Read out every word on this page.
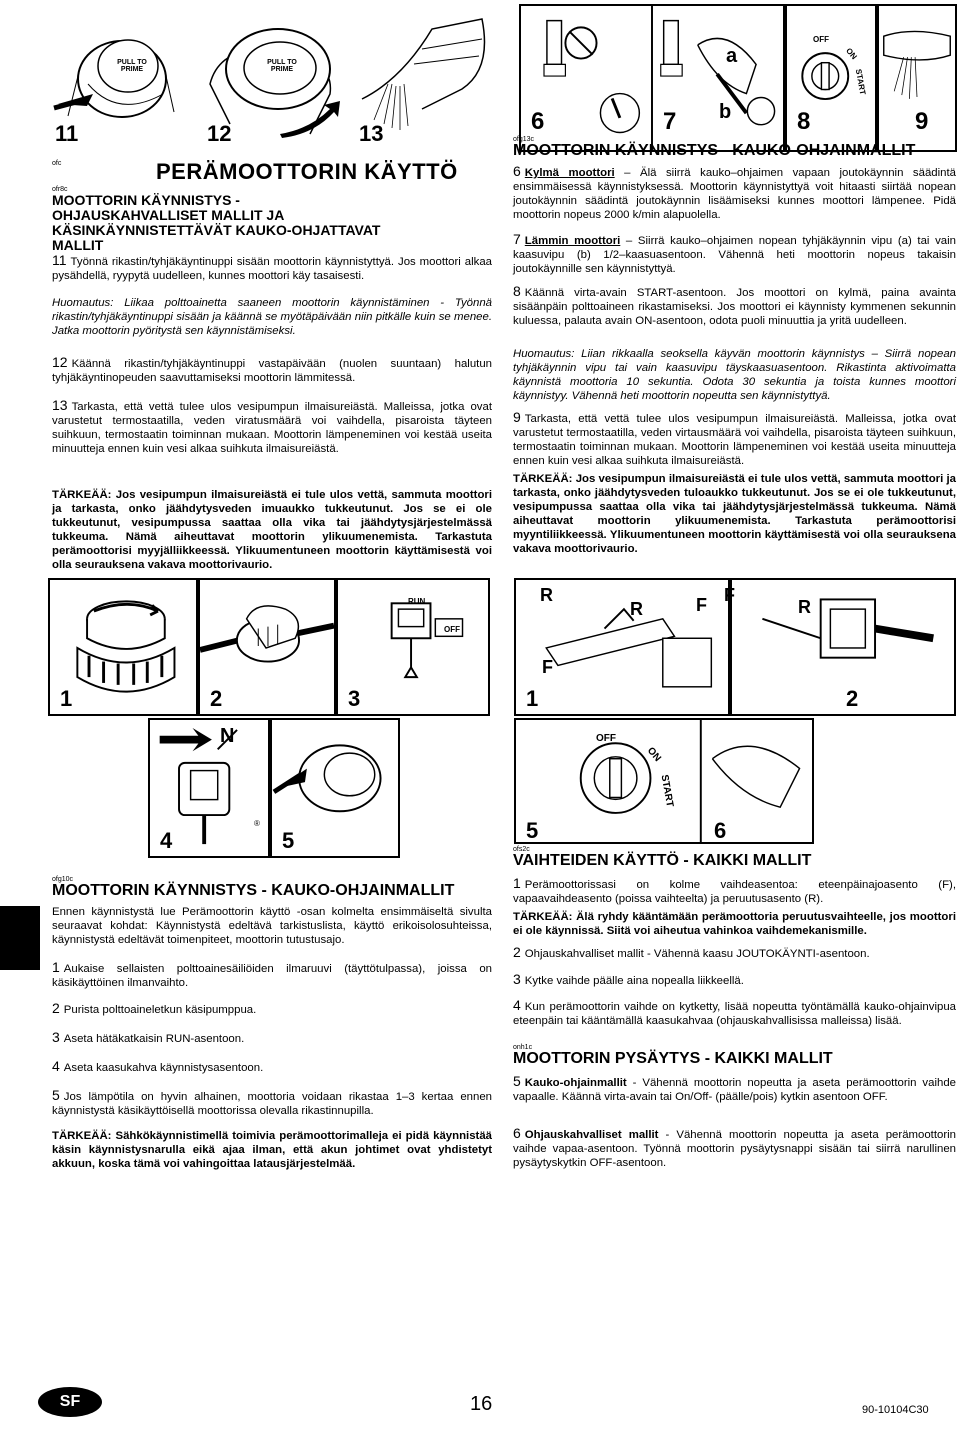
PULL TO PRIME
PULL TO PRIME
11	12	13
a
b
6	7
OFF
ON
START
8	9
ofc	PERÄMOOTTORIN KÄYTTÖ
ofr8c
MOOTTORIN KÄYNNISTYS - OHJAUSKAHVALLISET MALLIT JA KÄSINKÄYNNISTETTÄVÄT KAUKO-OHJATTAVAT MALLIT
11 Työnnä rikastin/tyhjäkäyntinuppi sisään moottorin käynnistyttyä. Jos moottori alkaa pysähdellä, ryypytä uudelleen, kunnes moottori käy tasaisesti.
Huomautus: Liikaa polttoainetta saaneen moottorin käynnistäminen - Työnnä rikastin/tyhjäkäyntinuppi sisään ja käännä se myötäpäivään niin pitkälle kuin se menee. Jatka moottorin pyöritystä sen käynnistämiseksi.
12 Käännä rikastin/tyhjäkäyntinuppi vastapäivään (nuolen suuntaan) halutun tyhjäkäyntinopeuden saavuttamiseksi moottorin lämmitessä.
13 Tarkasta, että vettä tulee ulos vesipumpun ilmaisureiästä. Malleissa, jotka ovat varustetut termostaatilla, veden viratusmäärä voi vaihdella, pisaroista täyteen suihkuun, termostaatin toiminnan mukaan. Moottorin lämpeneminen voi kestää useita minuutteja ennen kuin vesi alkaa suihkuta ilmaisureiästä.
TÄRKEÄÄ: Jos vesipumpun ilmaisureiästä ei tule ulos vettä, sammuta moottori ja tarkasta, onko jäähdytysveden imuaukko tukkeutunut. Jos se ei ole tukkeutunut, vesipumpussa saattaa olla vika tai jäähdytysjärjestelmässä tukkeuma. Nämä aiheuttavat moottorin ylikuumenemista. Tarkastuta perämoottorisi myyjälliikkeessä. Ylikuumentuneen moottorin käyttämisestä voi olla seurauksena vakava moottorivaurio.
ofg13c
MOOTTORIN KÄYNNISTYS - KAUKO-OHJAINMALLIT
6 Kylmä moottori – Älä siirrä kauko–ohjaimen vapaan joutokäynnin säädintä ensimmäisessä käynnistyksessä. Moottorin käynnistyttyä voit hitaasti siirtää nopean joutokäynnin säädintä joutokäynnin lisäämiseksi kunnes moottori lämpenee. Pidä moottorin nopeus 2000 k/min alapuolella.
7 Lämmin moottori – Siirrä kauko–ohjaimen nopean tyhjäkäynnin vipu (a) tai vain kaasuvipu (b) 1/2–kaasuasentoon. Vähennä heti moottorin nopeus takaisin joutokäynnille sen käynnistyttyä.
8 Käännä virta-avain START-asentoon. Jos moottori on kylmä, paina avainta sisäänpäin polttoaineen rikastamiseksi. Jos moottori ei käynnisty kymmenen sekunnin kuluessa, palauta avain ON-asentoon, odota puoli minuuttia ja yritä uudelleen.
Huomautus: Liian rikkaalla seoksella käyvän moottorin käynnistys – Siirrä nopean tyhjäkäynnin vipu tai vain kaasuvipu täyskaasuasentoon. Rikastinta aktivoimatta käynnistä moottoria 10 sekuntia. Odota 30 sekuntia ja toista kunnes moottori käynnistyy. Vähennä heti moottorin nopeutta sen käynnistyttyä.
9 Tarkasta, että vettä tulee ulos vesipumpun ilmaisureiästä. Malleissa, jotka ovat varustetut termostaatilla, veden virtausmäärä voi vaihdella, pisaroista täyteen suihkuun, termostaatin toiminnan mukaan. Moottorin lämpeneminen voi kestää useita minuutteja ennen kuin vesi alkaa suihkuta ilmaisureiästä.
TÄRKEÄÄ: Jos vesipumpun ilmaisureiästä ei tule ulos vettä, sammuta moottori ja tarkasta, onko jäähdytysveden tuloaukko tukkeutunut. Jos se ei ole tukkeutunut, vesipumpussa saattaa olla vika tai jäähdytysjärjestelmässä tukkeuma. Nämä aiheuttavat moottorin ylikuumenemista. Tarkastuta perämoottorisi myyntiliikkeessä. Ylikuumentuneen moottorin käyttämisestä voi olla seurauksena vakava moottorivaurio.
1	2
RUN
OFF
3
N
®
4	5
R
R	F
F
1
F
R
2
OFF
ON
START
5	6
ofg10c
MOOTTORIN KÄYNNISTYS - KAUKO-OHJAINMALLIT
Ennen käynnistystä lue Perämoottorin käyttö -osan kolmelta ensimmäiseltä sivulta seuraavat kohdat: Käynnistystä edeltävä tarkistuslista, käyttö erikoisolosuhteissa, käynnistystä edeltävät toimenpiteet, moottorin tutustusajo.
1 Aukaise sellaisten polttoainesäiliöiden ilmaruuvi (täyttötulpassa), joissa on käsikäyttöinen ilmanvaihto.
2 Purista polttoaineletkun käsipumppua.
3 Aseta hätäkatkaisin RUN-asentoon.
4 Aseta kaasukahva käynnistysasentoon.
5 Jos lämpötila on hyvin alhainen, moottoria voidaan rikastaa 1–3 kertaa ennen käynnistystä käsikäyttöisellä moottorissa olevalla rikastinnupilla.
TÄRKEÄÄ: Sähkökäynnistimellä toimivia perämoottorimalleja ei pidä käynnistää käsin käynnistysnarulla eikä ajaa ilman, että akun johtimet ovat yhdistetyt akkuun, koska tämä voi vahingoittaa latausjärjestelmää.
ofs2c
VAIHTEIDEN KÄYTTÖ - KAIKKI MALLIT
1 Perämoottorissasi on kolme vaihdeasentoa: eteenpäinajoasento (F), vapaavaihdeasento (poissa vaihteelta) ja peruutusasento (R).
TÄRKEÄÄ: Älä ryhdy kääntämään perämoottoria peruutusvaihteelle, jos moottori ei ole käynnissä. Siitä voi aiheutua vahinkoa vaihdemekanismille.
2 Ohjauskahvalliset mallit - Vähennä kaasu JOUTOKÄYNTI-asentoon.
3 Kytke vaihde päälle aina nopealla liikkeellä.
4 Kun perämoottorin vaihde on kytketty, lisää nopeutta työntämällä kauko-ohjainvipua eteenpäin tai kääntämällä kaasukahvaa (ohjauskahvallisissa malleissa) lisää.
onh1c
MOOTTORIN PYSÄYTYS - KAIKKI MALLIT
5 Kauko-ohjainmallit - Vähennä moottorin nopeutta ja aseta perämoottorin vaihde vapaalle. Käännä virta-avain tai On/Off- (päälle/pois) kytkin asentoon OFF.
6 Ohjauskahvalliset mallit - Vähennä moottorin nopeutta ja aseta perämoottorin vaihde vapaa-asentoon. Työnnä moottorin pysäytysnappi sisään tai siirrä narullinen pysäytyskytkin OFF-asentoon.
SF	16	90-10104C30
